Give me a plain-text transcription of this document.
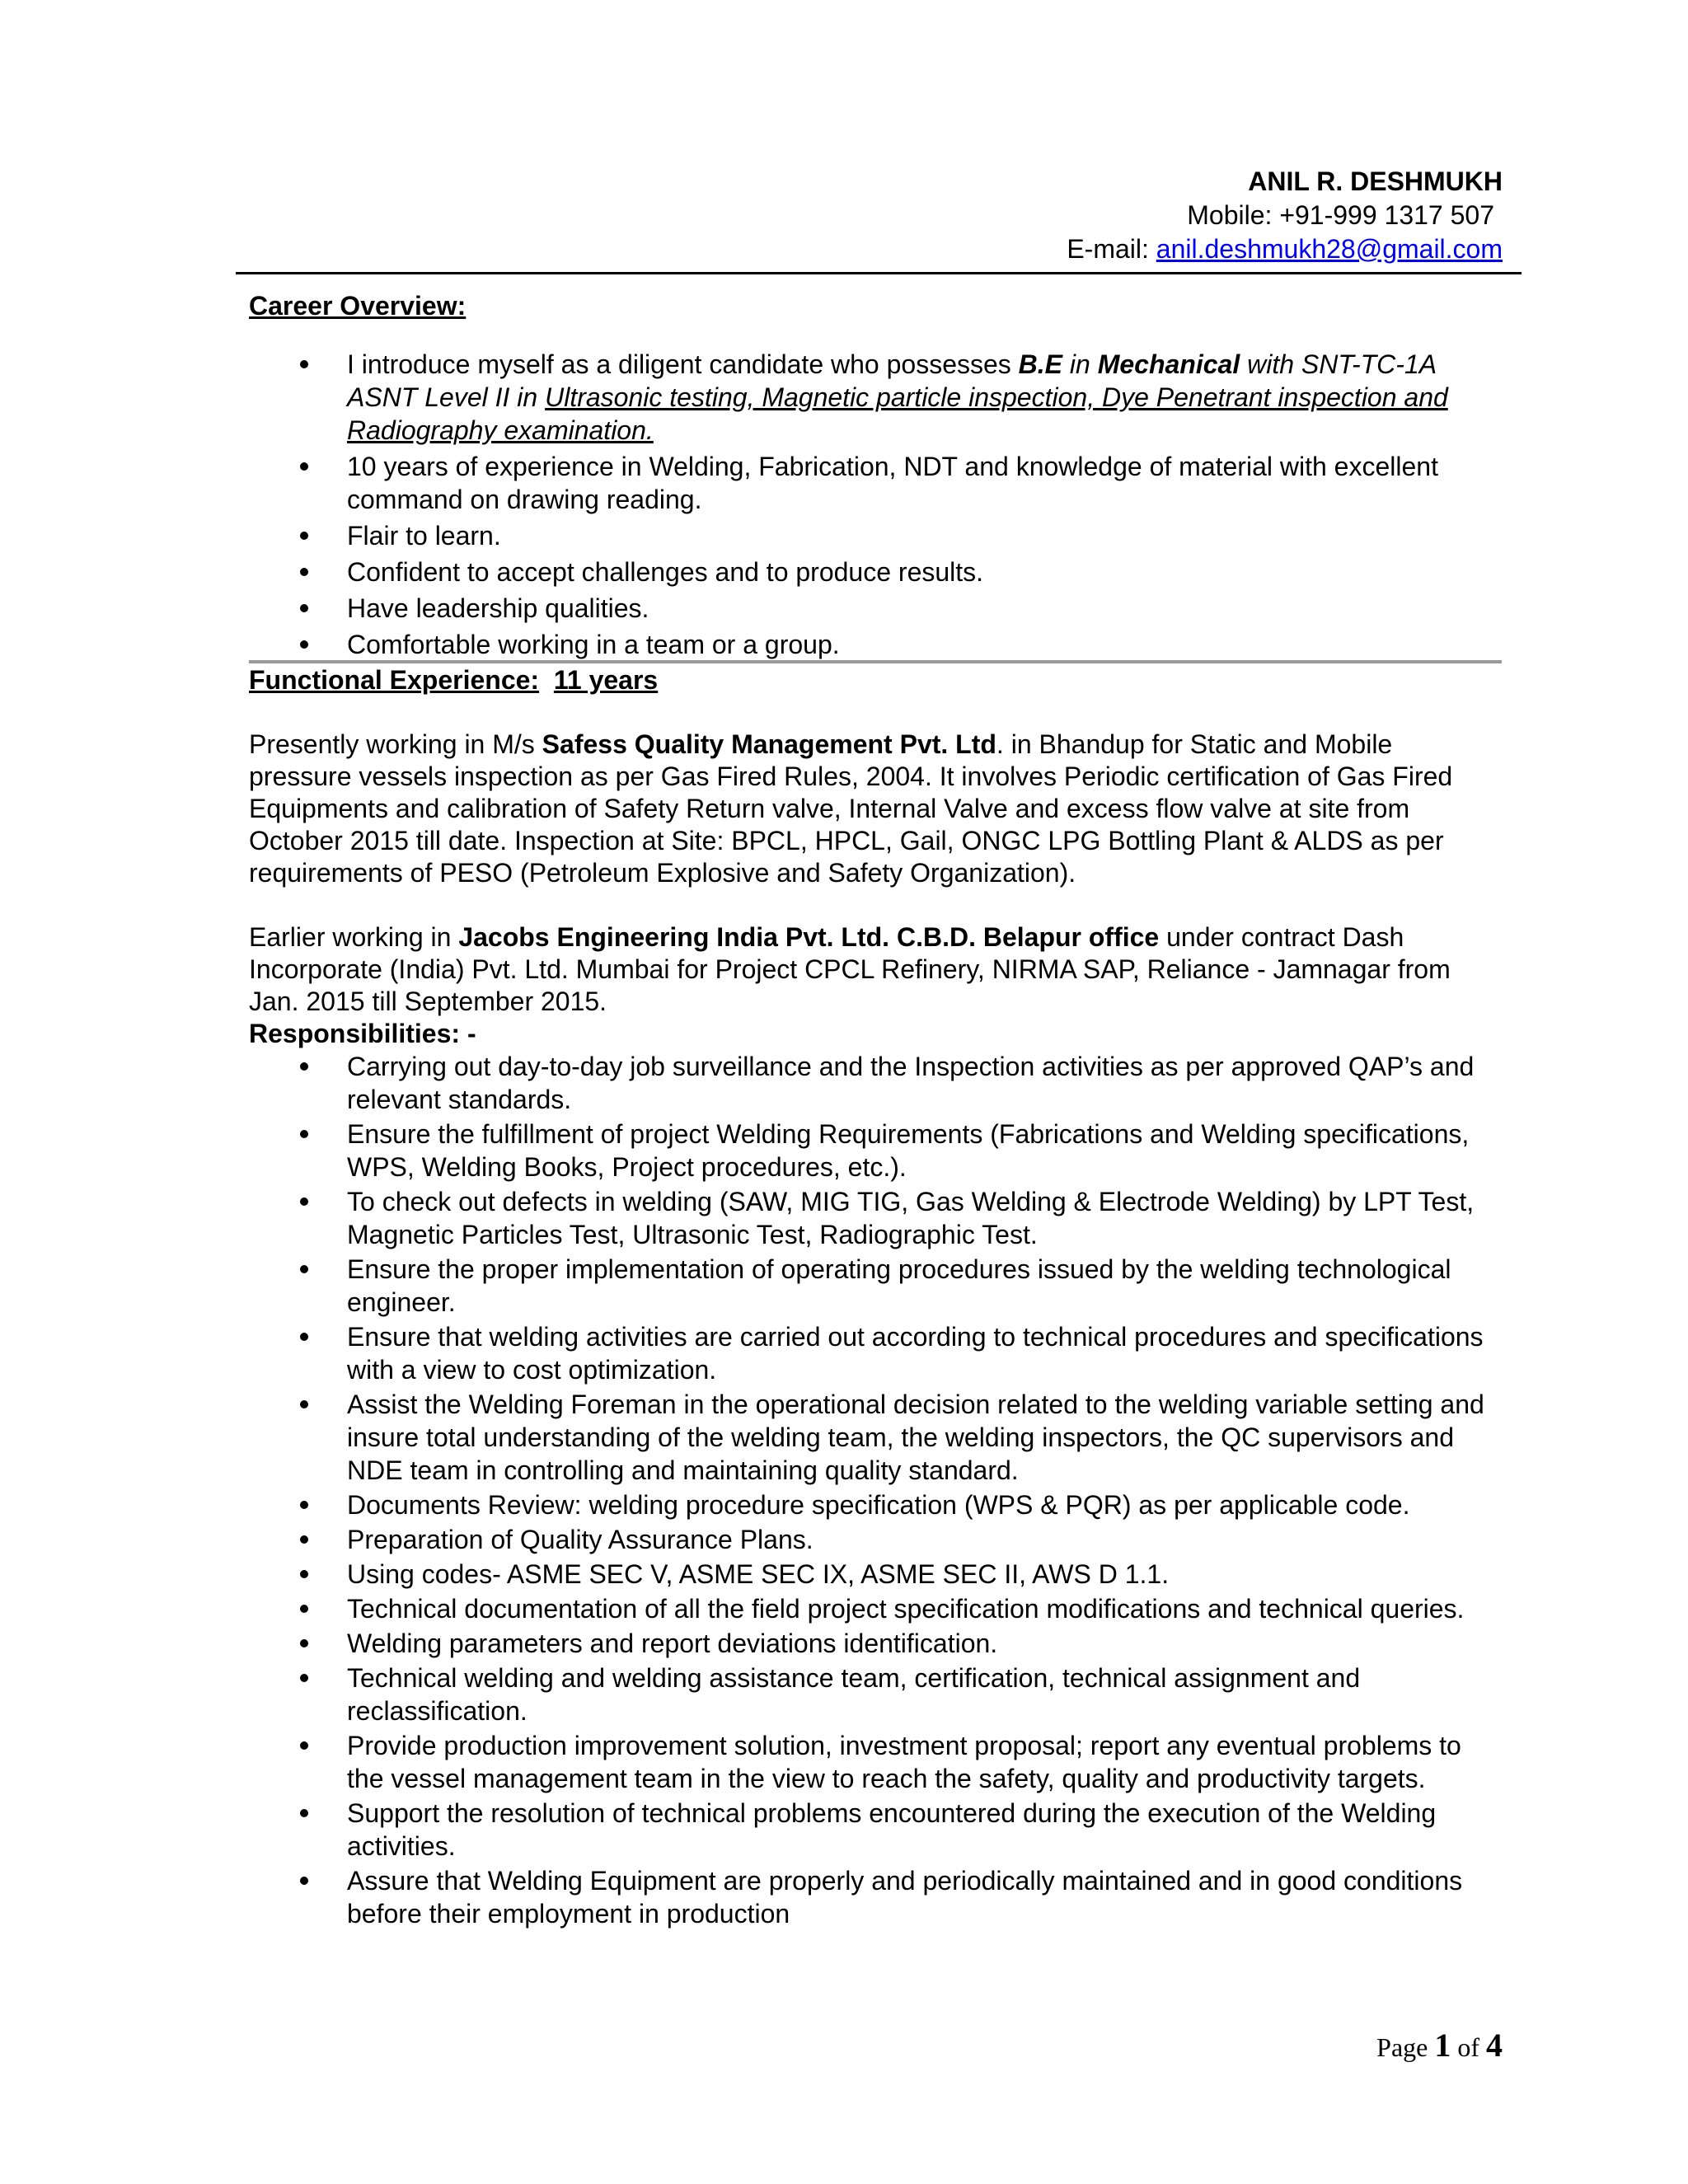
ANIL R. DESHMUKH
Mobile: +91-999 1317 507
E-mail: anil.deshmukh28@gmail.com
Career Overview:
I introduce myself as a diligent candidate who possesses B.E in Mechanical with SNT-TC-1A ASNT Level II in Ultrasonic testing, Magnetic particle inspection, Dye Penetrant inspection and Radiography examination.
10 years of experience in Welding, Fabrication, NDT and knowledge of material with excellent command on drawing reading.
Flair to learn.
Confident to accept challenges and to produce results.
Have leadership qualities.
Comfortable working in a team or a group.
Functional Experience: 11 years

Presently working in M/s Safess Quality Management Pvt. Ltd. in Bhandup for Static and Mobile pressure vessels inspection as per Gas Fired Rules, 2004. It involves Periodic certification of Gas Fired Equipments and calibration of Safety Return valve, Internal Valve and excess flow valve at site from October 2015 till date. Inspection at Site: BPCL, HPCL, Gail, ONGC LPG Bottling Plant & ALDS as per requirements of PESO (Petroleum Explosive and Safety Organization).

Earlier working in Jacobs Engineering India Pvt. Ltd. C.B.D. Belapur office under contract Dash Incorporate (India) Pvt. Ltd. Mumbai for Project CPCL Refinery, NIRMA SAP, Reliance - Jamnagar from Jan. 2015 till September 2015.

Responsibilities: -
Carrying out day-to-day job surveillance and the Inspection activities as per approved QAP’s and relevant standards.
Ensure the fulfillment of project Welding Requirements (Fabrications and Welding specifications, WPS, Welding Books, Project procedures, etc.).
To check out defects in welding (SAW, MIG TIG, Gas Welding & Electrode Welding) by LPT Test, Magnetic Particles Test, Ultrasonic Test, Radiographic Test.
Ensure the proper implementation of operating procedures issued by the welding technological engineer.
Ensure that welding activities are carried out according to technical procedures and specifications with a view to cost optimization.
Assist the Welding Foreman in the operational decision related to the welding variable setting and insure total understanding of the welding team, the welding inspectors, the QC supervisors and NDE team in controlling and maintaining quality standard.
Documents Review: welding procedure specification (WPS & PQR) as per applicable code.
Preparation of Quality Assurance Plans.
Using codes- ASME SEC V, ASME SEC IX, ASME SEC II, AWS D 1.1.
Technical documentation of all the field project specification modifications and technical queries.
Welding parameters and report deviations identification.
Technical welding and welding assistance team, certification, technical assignment and reclassification.
Provide production improvement solution, investment proposal; report any eventual problems to the vessel management team in the view to reach the safety, quality and productivity targets.
Support the resolution of technical problems encountered during the execution of the Welding activities.
Assure that Welding Equipment are properly and periodically maintained and in good conditions before their employment in production
Page 1 of 4
